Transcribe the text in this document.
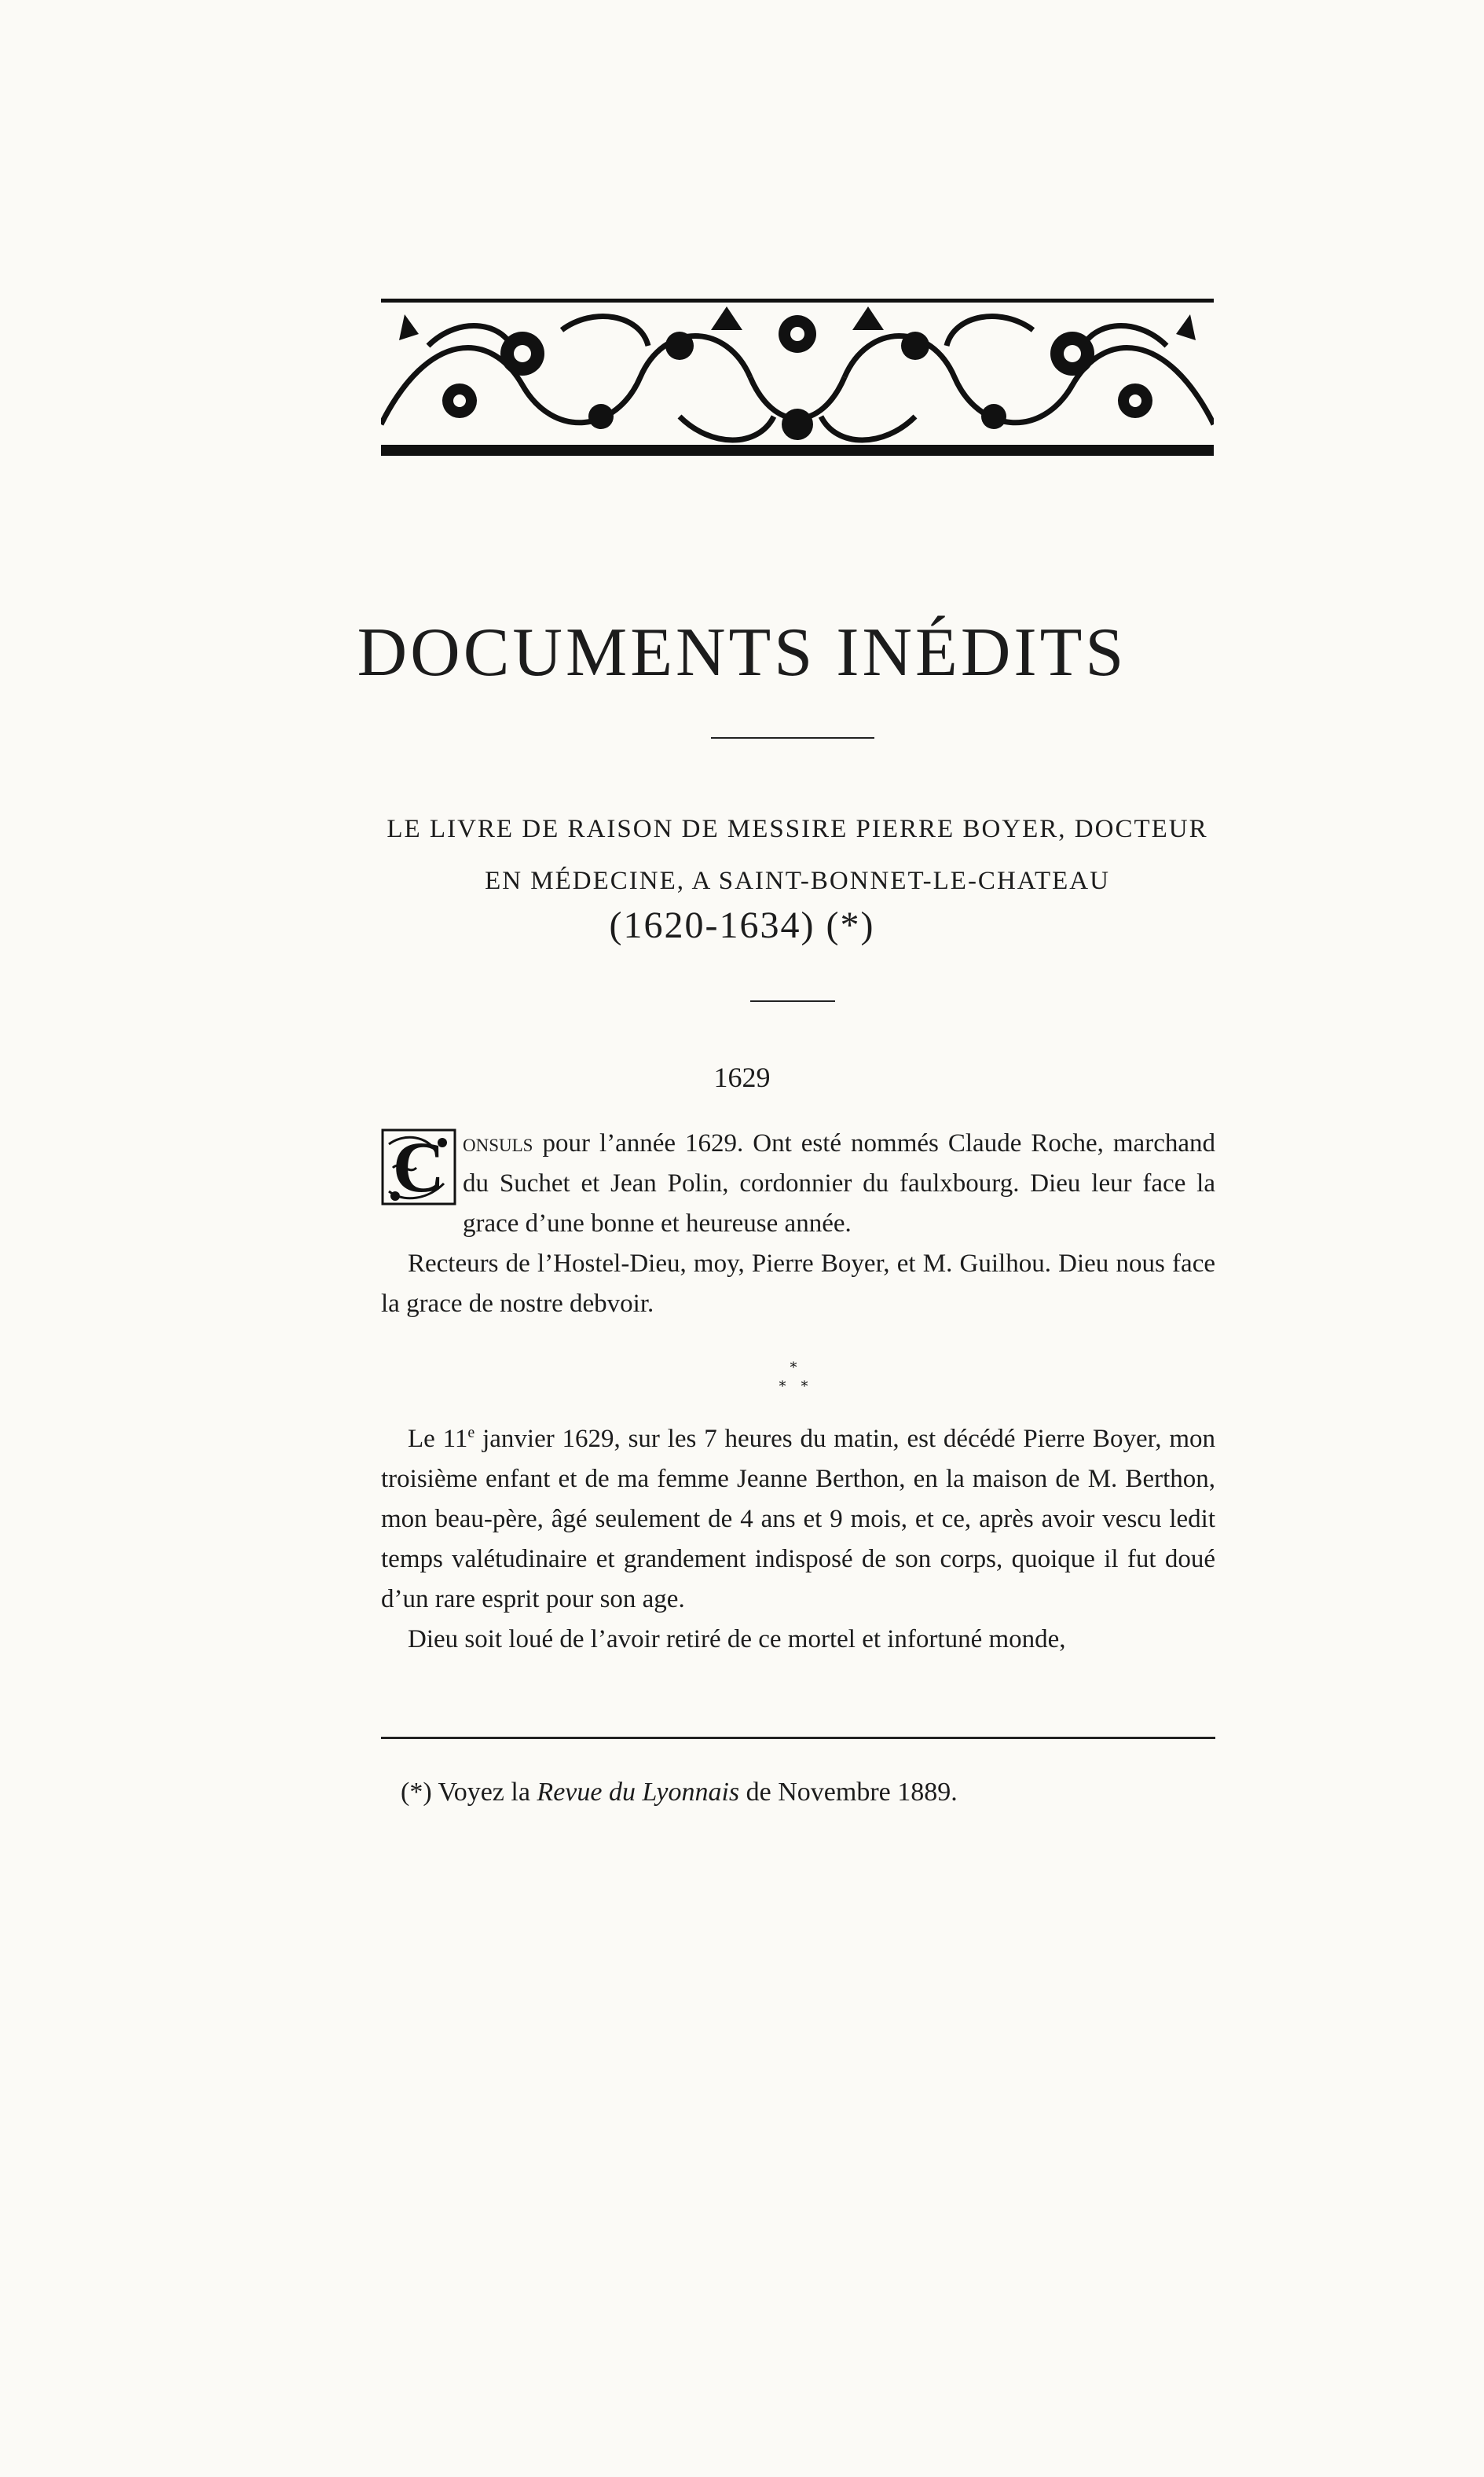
DOCUMENTS INÉDITS
LE LIVRE DE RAISON DE MESSIRE PIERRE BOYER, DOCTEUR
EN MÉDECINE, A SAINT-BONNET-LE-CHATEAU
(1620-1634) (*)
1629

C onsuls pour l’année 1629. Ont esté nommés Claude Roche, marchand du Suchet et Jean Polin, cordonnier du faulxbourg. Dieu leur face la grace d’une bonne et heureuse année.

Recteurs de l’Hostel-Dieu, moy, Pierre Boyer, et M. Guilhou. Dieu nous face la grace de nostre debvoir.

*
* *

Le 11e janvier 1629, sur les 7 heures du matin, est décédé Pierre Boyer, mon troisième enfant et de ma femme Jeanne Berthon, en la maison de M. Berthon, mon beau-père, âgé seulement de 4 ans et 9 mois, et ce, après avoir vescu ledit temps valétudinaire et grandement indisposé de son corps, quoique il fut doué d’un rare esprit pour son age.

Dieu soit loué de l’avoir retiré de ce mortel et infortuné monde,

(*) Voyez la Revue du Lyonnais de Novembre 1889.
